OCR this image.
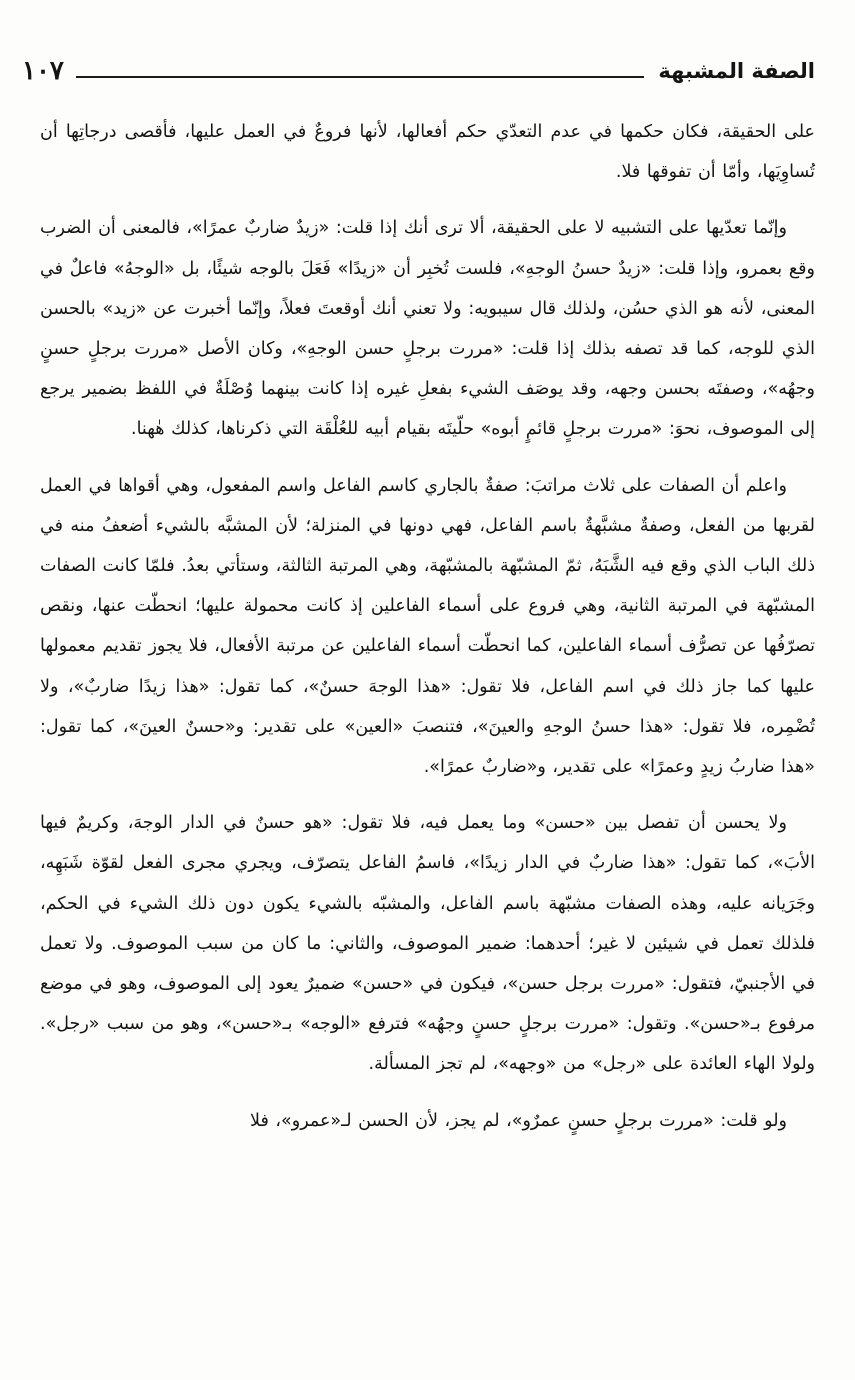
١٠٧	الصفة المشبهة

على الحقيقة، فكان حكمها في عدم التعدّي حكم أفعالها، لأنها فروعٌ في العمل عليها، فأقصى درجاتِها أن تُساوِيَها، وأمّا أن تفوقها فلا.

وإنّما تعدّيها على التشبيه لا على الحقيقة، ألا ترى أنك إذا قلت: «زيدٌ ضاربٌ عمرًا»، فالمعنى أن الضرب وقع بعمرو، وإذا قلت: «زيدٌ حسنُ الوجهِ»، فلست تُخبِر أن «زيدًا» فَعَلَ بالوجه شيئًا، بل «الوجهُ» فاعلٌ في المعنى، لأنه هو الذي حسُن، ولذلك قال سيبويه: ولا تعني أنك أوقعتَ فعلاً، وإنّما أخبرت عن «زيد» بالحسن الذي للوجه، كما قد تصفه بذلك إذا قلت: «مررت برجلٍ حسن الوجهِ»، وكان الأصل «مررت برجلٍ حسنٍ وجهُه»، وصفتَه بحسن وجهه، وقد يوصَف الشيء بفعلِ غيره إذا كانت بينهما وُصْلَةٌ في اللفظ بضمير يرجع إلى الموصوف، نحوَ: «مررت برجلٍ قائمٍ أبوه» حلّيتَه بقيام أبيه للعُلْقَة التي ذكرناها، كذلك هٰهنا.

واعلم أن الصفات على ثلاث مراتبَ: صفةٌ بالجاري كاسم الفاعل واسم المفعول، وهي أقواها في العمل لقربها من الفعل، وصفةٌ مشبَّهةٌ باسم الفاعل، فهي دونها في المنزلة؛ لأن المشبَّه بالشيء أضعفُ منه في ذلك الباب الذي وقع فيه الشَّبَهُ، ثمّ المشبّهة بالمشبّهة، وهي المرتبة الثالثة، وستأتي بعدُ. فلمّا كانت الصفات المشبّهة في المرتبة الثانية، وهي فروع على أسماء الفاعلين إذ كانت محمولة عليها؛ انحطّت عنها، ونقص تصرّفُها عن تصرُّف أسماء الفاعلين، كما انحطّت أسماء الفاعلين عن مرتبة الأفعال، فلا يجوز تقديم معمولها عليها كما جاز ذلك في اسم الفاعل، فلا تقول: «هذا الوجهَ حسنٌ»، كما تقول: «هذا زيدًا ضاربٌ»، ولا تُضْمِره، فلا تقول: «هذا حسنُ الوجهِ والعينَ»، فتنصبَ «العين» على تقدير: و«حسنٌ العينَ»، كما تقول: «هذا ضاربُ زيدٍ وعمرًا» على تقدير، و«ضاربٌ عمرًا».

ولا يحسن أن تفصل بين «حسن» وما يعمل فيه، فلا تقول: «هو حسنٌ في الدار الوجهَ، وكريمٌ فيها الأبَ»، كما تقول: «هذا ضاربٌ في الدار زيدًا»، فاسمُ الفاعل يتصرّف، ويجري مجرى الفعل لقوّة شَبَهِه، وجَرَيانه عليه، وهذه الصفات مشبّهة باسم الفاعل، والمشبّه بالشيء يكون دون ذلك الشيء في الحكم، فلذلك تعمل في شيئين لا غير؛ أحدهما: ضمير الموصوف، والثاني: ما كان من سبب الموصوف. ولا تعمل في الأجنبيّ، فتقول: «مررت برجل حسن»، فيكون في «حسن» ضميرٌ يعود إلى الموصوف، وهو في موضع مرفوع بـ«حسن». وتقول: «مررت برجلٍ حسنٍ وجهُه» فترفع «الوجه» بـ«حسن»، وهو من سبب «رجل». ولولا الهاء العائدة على «رجل» من «وجهه»، لم تجز المسألة.

ولو قلت: «مررت برجلٍ حسنٍ عمرٌو»، لم يجز، لأن الحسن لـ«عمرو»، فلا
